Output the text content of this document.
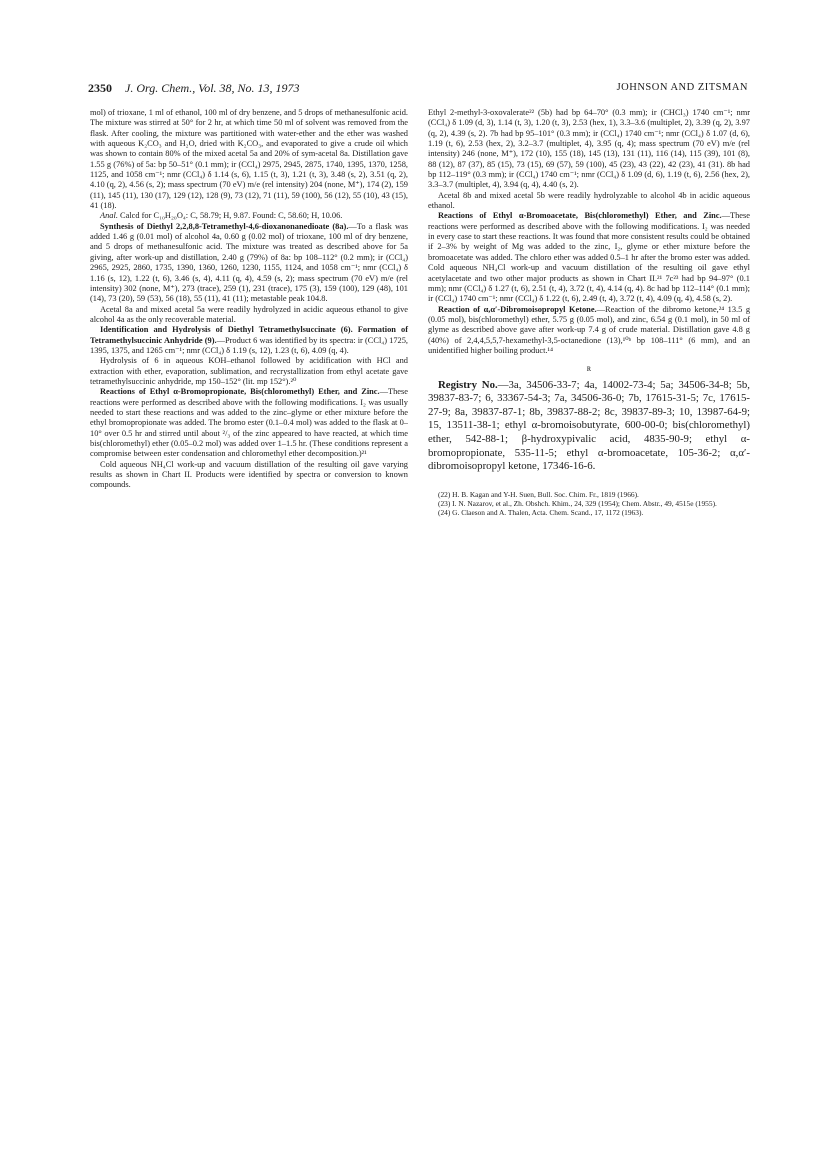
2350 J. Org. Chem., Vol. 38, No. 13, 1973	JOHNSON AND ZITSMAN

mol) of trioxane, 1 ml of ethanol, 100 ml of dry benzene, and 5 drops of methanesulfonic acid. The mixture was stirred at 50° for 2 hr, at which time 50 ml of solvent was removed from the flask. After cooling, the mixture was partitioned with water-ether and the ether was washed with aqueous K₂CO₃ and H₂O, dried with K₂CO₃, and evaporated to give a crude oil which was shown to contain 80% of the mixed acetal 5a and 20% of sym-acetal 8a. Distillation gave 1.55 g (76%) of 5a: bp 50–51° (0.1 mm); ir (CCl₄) 2975, 2945, 2875, 1740, 1395, 1370, 1258, 1125, and 1058 cm⁻¹; nmr (CCl₄) δ 1.14 (s, 6), 1.15 (t, 3), 1.21 (t, 3), 3.48 (s, 2), 3.51 (q, 2), 4.10 (q, 2), 4.56 (s, 2); mass spectrum (70 eV) m/e (rel intensity) 204 (none, M⁺), 174 (2), 159 (11), 145 (11), 130 (17), 129 (12), 128 (9), 73 (12), 71 (11), 59 (100), 56 (12), 55 (10), 43 (15), 41 (18).

Anal. Calcd for C₁₀H₂₀O₄: C, 58.79; H, 9.87. Found: C, 58.60; H, 10.06.

Synthesis of Diethyl 2,2,8,8-Tetramethyl-4,6-dioxanonanedioate (8a).—To a flask was added 1.46 g (0.01 mol) of alcohol 4a, 0.60 g (0.02 mol) of trioxane, 100 ml of dry benzene, and 5 drops of methanesulfonic acid. The mixture was treated as described above for 5a giving, after work-up and distillation, 2.40 g (79%) of 8a: bp 108–112° (0.2 mm); ir (CCl₄) 2965, 2925, 2860, 1735, 1390, 1360, 1260, 1230, 1155, 1124, and 1058 cm⁻¹; nmr (CCl₄) δ 1.16 (s, 12), 1.22 (t, 6), 3.46 (s, 4), 4.11 (q, 4), 4.59 (s, 2); mass spectrum (70 eV) m/e (rel intensity) 302 (none, M⁺), 273 (trace), 259 (1), 231 (trace), 175 (3), 159 (100), 129 (48), 101 (14), 73 (20), 59 (53), 56 (18), 55 (11), 41 (11); metastable peak 104.8.

Acetal 8a and mixed acetal 5a were readily hydrolyzed in acidic aqueous ethanol to give alcohol 4a as the only recoverable material.

Identification and Hydrolysis of Diethyl Tetramethylsuccinate (6). Formation of Tetramethylsuccinic Anhydride (9).—Product 6 was identified by its spectra: ir (CCl₄) 1725, 1395, 1375, and 1265 cm⁻¹; nmr (CCl₄) δ 1.19 (s, 12), 1.23 (t, 6), 4.09 (q, 4).

Hydrolysis of 6 in aqueous KOH–ethanol followed by acidification with HCl and extraction with ether, evaporation, sublimation, and recrystallization from ethyl acetate gave tetramethylsuccinic anhydride, mp 150–152° (lit. mp 152°).²⁰

Reactions of Ethyl α-Bromopropionate, Bis(chloromethyl) Ether, and Zinc.—These reactions were performed as described above with the following modifications. I₂ was usually needed to start these reactions and was added to the zinc–glyme or ether mixture before the ethyl bromopropionate was added. The bromo ester (0.1–0.4 mol) was added to the flask at 0–10° over 0.5 hr and stirred until about ²/₃ of the zinc appeared to have reacted, at which time bis(chloromethyl) ether (0.05–0.2 mol) was added over 1–1.5 hr. (These conditions represent a compromise between ester condensation and chloromethyl ether decomposition.)²¹

Cold aqueous NH₄Cl work-up and vacuum distillation of the resulting oil gave varying results as shown in Chart II. Products were identified by spectra or conversion to known compounds.

Ethyl 2-methyl-3-oxovalerate²² (5b) had bp 64–70° (0.3 mm); ir (CHCl₃) 1740 cm⁻¹; nmr (CCl₄) δ 1.09 (d, 3), 1.14 (t, 3), 1.20 (t, 3), 2.53 (hex, 1), 3.3–3.6 (multiplet, 2), 3.39 (q, 2), 3.97 (q, 2), 4.39 (s, 2). 7b had bp 95–101° (0.3 mm); ir (CCl₄) 1740 cm⁻¹; nmr (CCl₄) δ 1.07 (d, 6), 1.19 (t, 6), 2.53 (hex, 2), 3.2–3.7 (multiplet, 4), 3.95 (q, 4); mass spectrum (70 eV) m/e (rel intensity) 246 (none, M⁺), 172 (10), 155 (18), 145 (13), 131 (11), 116 (14), 115 (39), 101 (8), 88 (12), 87 (37), 85 (15), 73 (15), 69 (57), 59 (100), 45 (23), 43 (22), 42 (23), 41 (31). 8b had bp 112–119° (0.3 mm); ir (CCl₄) 1740 cm⁻¹; nmr (CCl₄) δ 1.09 (d, 6), 1.19 (t, 6), 2.56 (hex, 2), 3.3–3.7 (multiplet, 4), 3.94 (q, 4), 4.40 (s, 2).

Acetal 8b and mixed acetal 5b were readily hydrolyzable to alcohol 4b in acidic aqueous ethanol.

Reactions of Ethyl α-Bromoacetate, Bis(chloromethyl) Ether, and Zinc.—These reactions were performed as described above with the following modifications. I₂ was needed in every case to start these reactions. It was found that more consistent results could be obtained if 2–3% by weight of Mg was added to the zinc, I₂, glyme or ether mixture before the bromoacetate was added. The chloro ether was added 0.5–1 hr after the bromo ester was added. Cold aqueous NH₄Cl work-up and vacuum distillation of the resulting oil gave ethyl acetylacetate and two other major products as shown in Chart II.²¹ 7c²³ had bp 94–97° (0.1 mm); nmr (CCl₄) δ 1.27 (t, 6), 2.51 (t, 4), 3.72 (t, 4), 4.14 (q, 4). 8c had bp 112–114° (0.1 mm); ir (CCl₄) 1740 cm⁻¹; nmr (CCl₄) δ 1.22 (t, 6), 2.49 (t, 4), 3.72 (t, 4), 4.09 (q, 4), 4.58 (s, 2).

Reaction of α,α′-Dibromoisopropyl Ketone.—Reaction of the dibromo ketone,²⁴ 13.5 g (0.05 mol), bis(chloromethyl) ether, 5.75 g (0.05 mol), and zinc, 6.54 g (0.1 mol), in 50 ml of glyme as described above gave after work-up 7.4 g of crude material. Distillation gave 4.8 g (40%) of 2,4,4,5,5,7-hexamethyl-3,5-octanedione (13),¹⁰ᵇ bp 108–111° (6 mm), and an unidentified higher boiling product.¹⁴

ʀ

Registry No.—3a, 34506-33-7; 4a, 14002-73-4; 5a; 34506-34-8; 5b, 39837-83-7; 6, 33367-54-3; 7a, 34506-36-0; 7b, 17615-31-5; 7c, 17615-27-9; 8a, 39837-87-1; 8b, 39837-88-2; 8c, 39837-89-3; 10, 13987-64-9; 15, 13511-38-1; ethyl α-bromoisobutyrate, 600-00-0; bis(chloromethyl) ether, 542-88-1; β-hydroxypivalic acid, 4835-90-9; ethyl α-bromopropionate, 535-11-5; ethyl α-bromoacetate, 105-36-2; α,α′-dibromoisopropyl ketone, 17346-16-6.

(22) H. B. Kagan and Y-H. Suen, Bull. Soc. Chim. Fr., 1819 (1966).

(23) I. N. Nazarov, et al., Zh. Obshch. Khim., 24, 329 (1954); Chem. Abstr., 49, 4515e (1955).

(24) G. Claeson and A. Thalen, Acta. Chem. Scand., 17, 1172 (1963).
